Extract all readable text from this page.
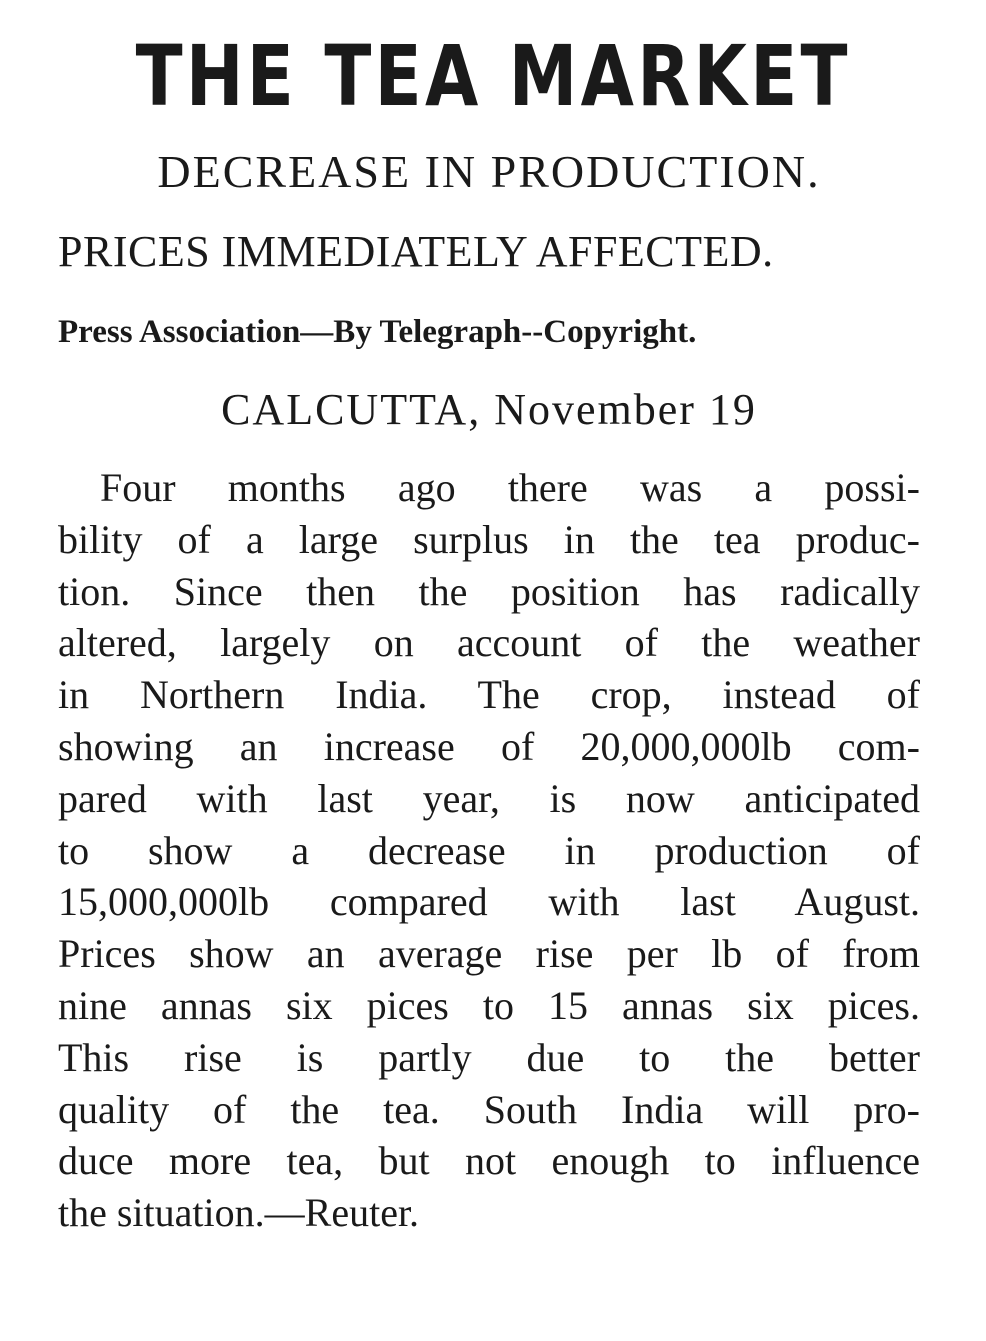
THE TEA MARKET
DECREASE IN PRODUCTION.
PRICES IMMEDIATELY AFFECTED.
Press Association—By Telegraph--Copyright.
CALCUTTA, November 19
Four months ago there was a possi-
bility of a large surplus in the tea produc-
tion. Since then the position has radically
altered, largely on account of the weather
in Northern India. The crop, instead of
showing an increase of 20,000,000lb com-
pared with last year, is now anticipated
to show a decrease in production of
15,000,000lb compared with last August.
Prices show an average rise per lb of from
nine annas six pices to 15 annas six pices.
This rise is partly due to the better
quality of the tea. South India will pro-
duce more tea, but not enough to influence
the situation.—Reuter.
